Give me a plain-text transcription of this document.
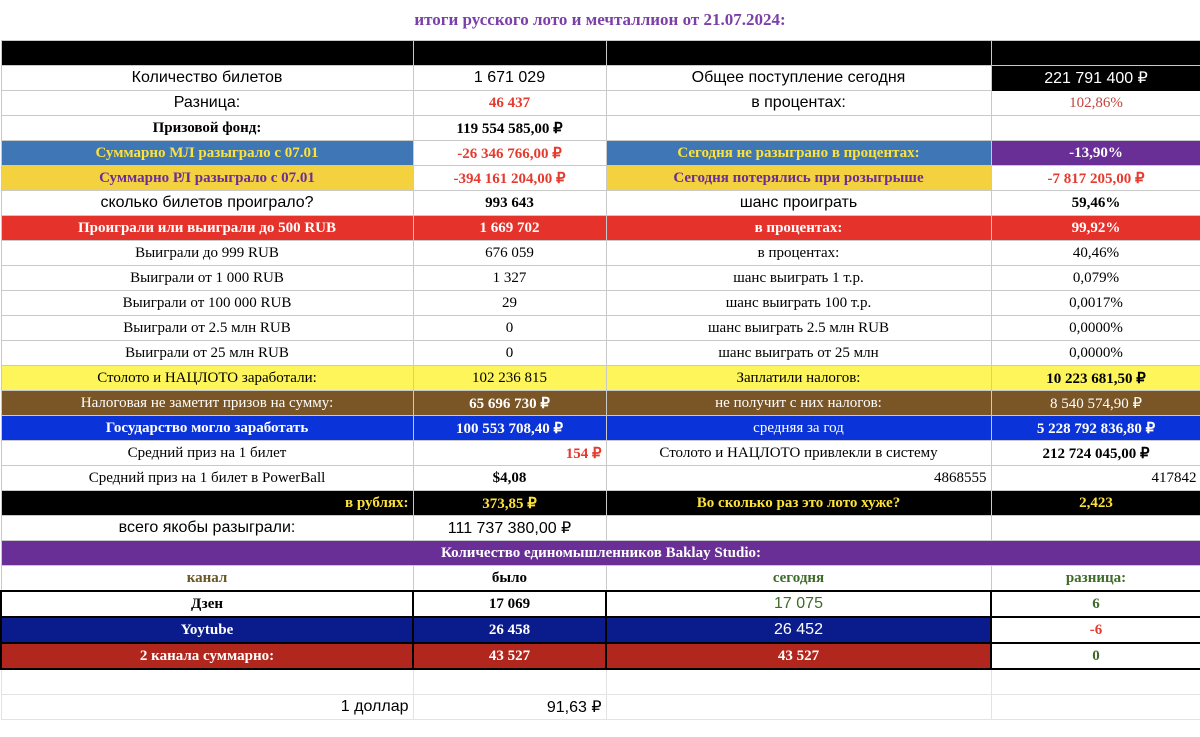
итоги русского лото и мечталлион от 21.07.2024:
Количество билетов в прошлый розыгрыш	1 624 592	общее поступление RUB	207 723 650 ₽
Количество билетов	1 671 029	Общее поступление сегодня	221 791 400 ₽
Разница:	46 437	в процентах:	102,86%
Призовой фонд:	119 554 585,00 ₽		
Суммарно МЛ разыграло с 07.01	-26 346 766,00 ₽	Сегодня не разыграно в процентах:	-13,90%
Суммарно РЛ разыграло с 07.01	-394 161 204,00 ₽	Сегодня потерялись при розыгрыше	-7 817 205,00 ₽
сколько билетов проиграло?	993 643	шанс проиграть	59,46%
Проиграли или выиграли до 500 RUB	1 669 702	в процентах:	99,92%
Выиграли до 999 RUB	676 059	в процентах:	40,46%
Выиграли от 1 000 RUB	1 327	шанс выиграть 1 т.р.	0,079%
Выиграли от 100 000 RUB	29	шанс выиграть 100 т.р.	0,0017%
Выиграли от 2.5 млн RUB	0	шанс выиграть 2.5 млн RUB	0,0000%
Выиграли от 25 млн RUB	0	шанс выиграть от 25 млн	0,0000%
Столото и НАЦЛОТО заработали:	102 236 815	Заплатили налогов:	10 223 681,50 ₽
Налоговая не заметит призов на сумму:	65 696 730 ₽	не получит с них налогов:	8 540 574,90 ₽
Государство могло заработать	100 553 708,40 ₽	средняя за год	5 228 792 836,80 ₽
Средний приз на 1 билет	154 ₽	Столото и НАЦЛОТО привлекли в систему	212 724 045,00 ₽
Средний приз на 1 билет в PowerBall	$4,08	4868555	417842
в рублях:	373,85 ₽	Во сколько раз это лото хуже?	2,423
всего якобы разыграли:	111 737 380,00 ₽		
Количество единомышленников Baklay Studio:			
канал	было	сегодня	разница:
Дзен	17 069	17 075	6
Yoytube	26 458	26 452	-6
2 канала суммарно:	43 527	43 527	0

1 доллар	91,63 ₽		
